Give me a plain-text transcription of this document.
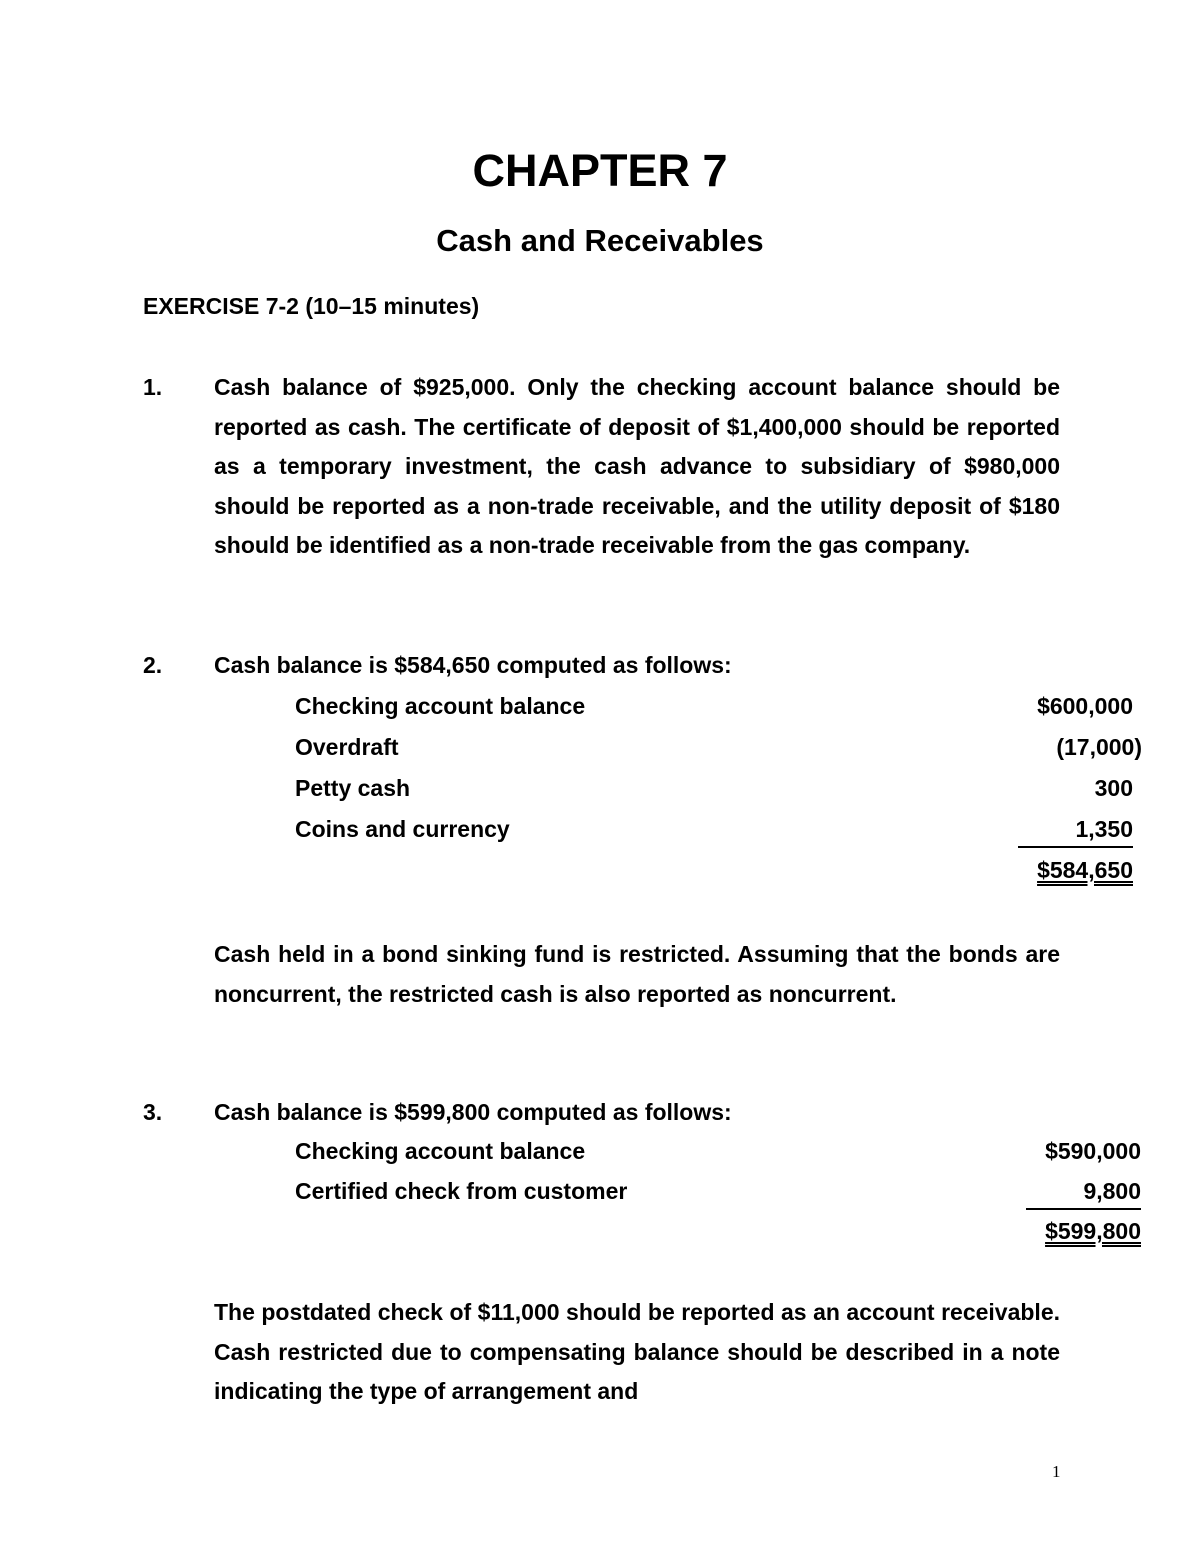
CHAPTER 7
Cash and Receivables
EXERCISE 7-2 (10–15 minutes)
1. Cash balance of $925,000. Only the checking account balance should be reported as cash. The certificate of deposit of $1,400,000 should be reported as a temporary investment, the cash advance to subsidiary of $980,000 should be reported as a non-trade receivable, and the utility deposit of $180 should be identified as a non-trade receivable from the gas company.

2. Cash balance is $584,650 computed as follows:
Checking account balance	$600,000
Overdraft	(17,000)
Petty cash	300
Coins and currency	1,350
$584,650

Cash held in a bond sinking fund is restricted. Assuming that the bonds are noncurrent, the restricted cash is also reported as noncurrent.

3. Cash balance is $599,800 computed as follows:
Checking account balance	$590,000
Certified check from customer	9,800
$599,800

The postdated check of $11,000 should be reported as an account receivable. Cash restricted due to compensating balance should be described in a note indicating the type of arrangement and

1
